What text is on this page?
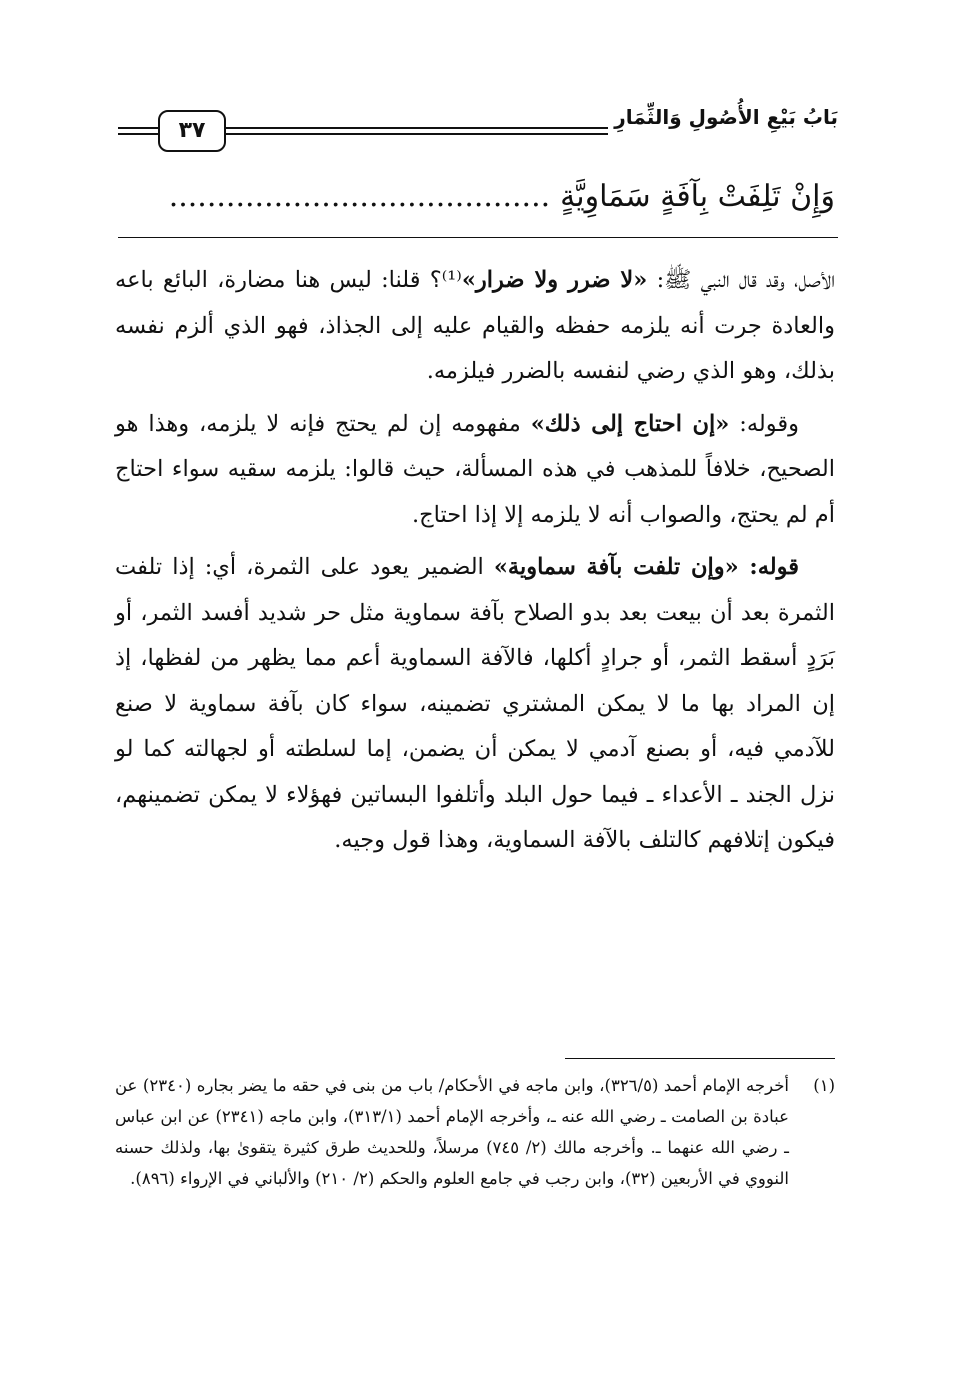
بَابُ بَيْعِ الأُصُولِ وَالثِّمَارِ
٣٧
وَإِنْ تَلِفَتْ بِآفَةٍ سَمَاوِيَّةٍ........................................

الأصل، وقد قال النبي ﷺ: «لا ضرر ولا ضرار»⁽¹⁾؟ قلنا: ليس هنا مضارة، البائع باعه والعادة جرت أنه يلزمه حفظه والقيام عليه إلى الجذاذ، فهو الذي ألزم نفسه بذلك، وهو الذي رضي لنفسه بالضرر فيلزمه.

وقوله: «إن احتاج إلى ذلك» مفهومه إن لم يحتج فإنه لا يلزمه، وهذا هو الصحيح، خلافاً للمذهب في هذه المسألة، حيث قالوا: يلزمه سقيه سواء احتاج أم لم يحتج، والصواب أنه لا يلزمه إلا إذا احتاج.

قوله: «وإن تلفت بآفة سماوية» الضمير يعود على الثمرة، أي: إذا تلفت الثمرة بعد أن بيعت بعد بدو الصلاح بآفة سماوية مثل حر شديد أفسد الثمر، أو بَرَدٍ أسقط الثمر، أو جرادٍ أكلها، فالآفة السماوية أعم مما يظهر من لفظها، إذ إن المراد بها ما لا يمكن المشتري تضمينه، سواء كان بآفة سماوية لا صنع للآدمي فيه، أو بصنع آدمي لا يمكن أن يضمن، إما لسلطته أو لجهالته كما لو نزل الجند ـ الأعداء ـ فيما حول البلد وأتلفوا البساتين فهؤلاء لا يمكن تضمينهم، فيكون إتلافهم كالتلف بالآفة السماوية، وهذا قول وجيه.

(١)
أخرجه الإمام أحمد (٣٢٦/٥)، وابن ماجه في الأحكام/ باب من بنى في حقه ما يضر بجاره (٢٣٤٠) عن عبادة بن الصامت ـ رضي الله عنه ـ، وأخرجه الإمام أحمد (٣١٣/١)، وابن ماجه (٢٣٤١) عن ابن عباس ـ رضي الله عنهما ـ. وأخرجه مالك (٢/ ٧٤٥) مرسلاً، وللحديث طرق كثيرة يتقوىٰ بها، ولذلك حسنه النووي في الأربعين (٣٢)، وابن رجب في جامع العلوم والحكم (٢/ ٢١٠) والألباني في الإرواء (٨٩٦).
